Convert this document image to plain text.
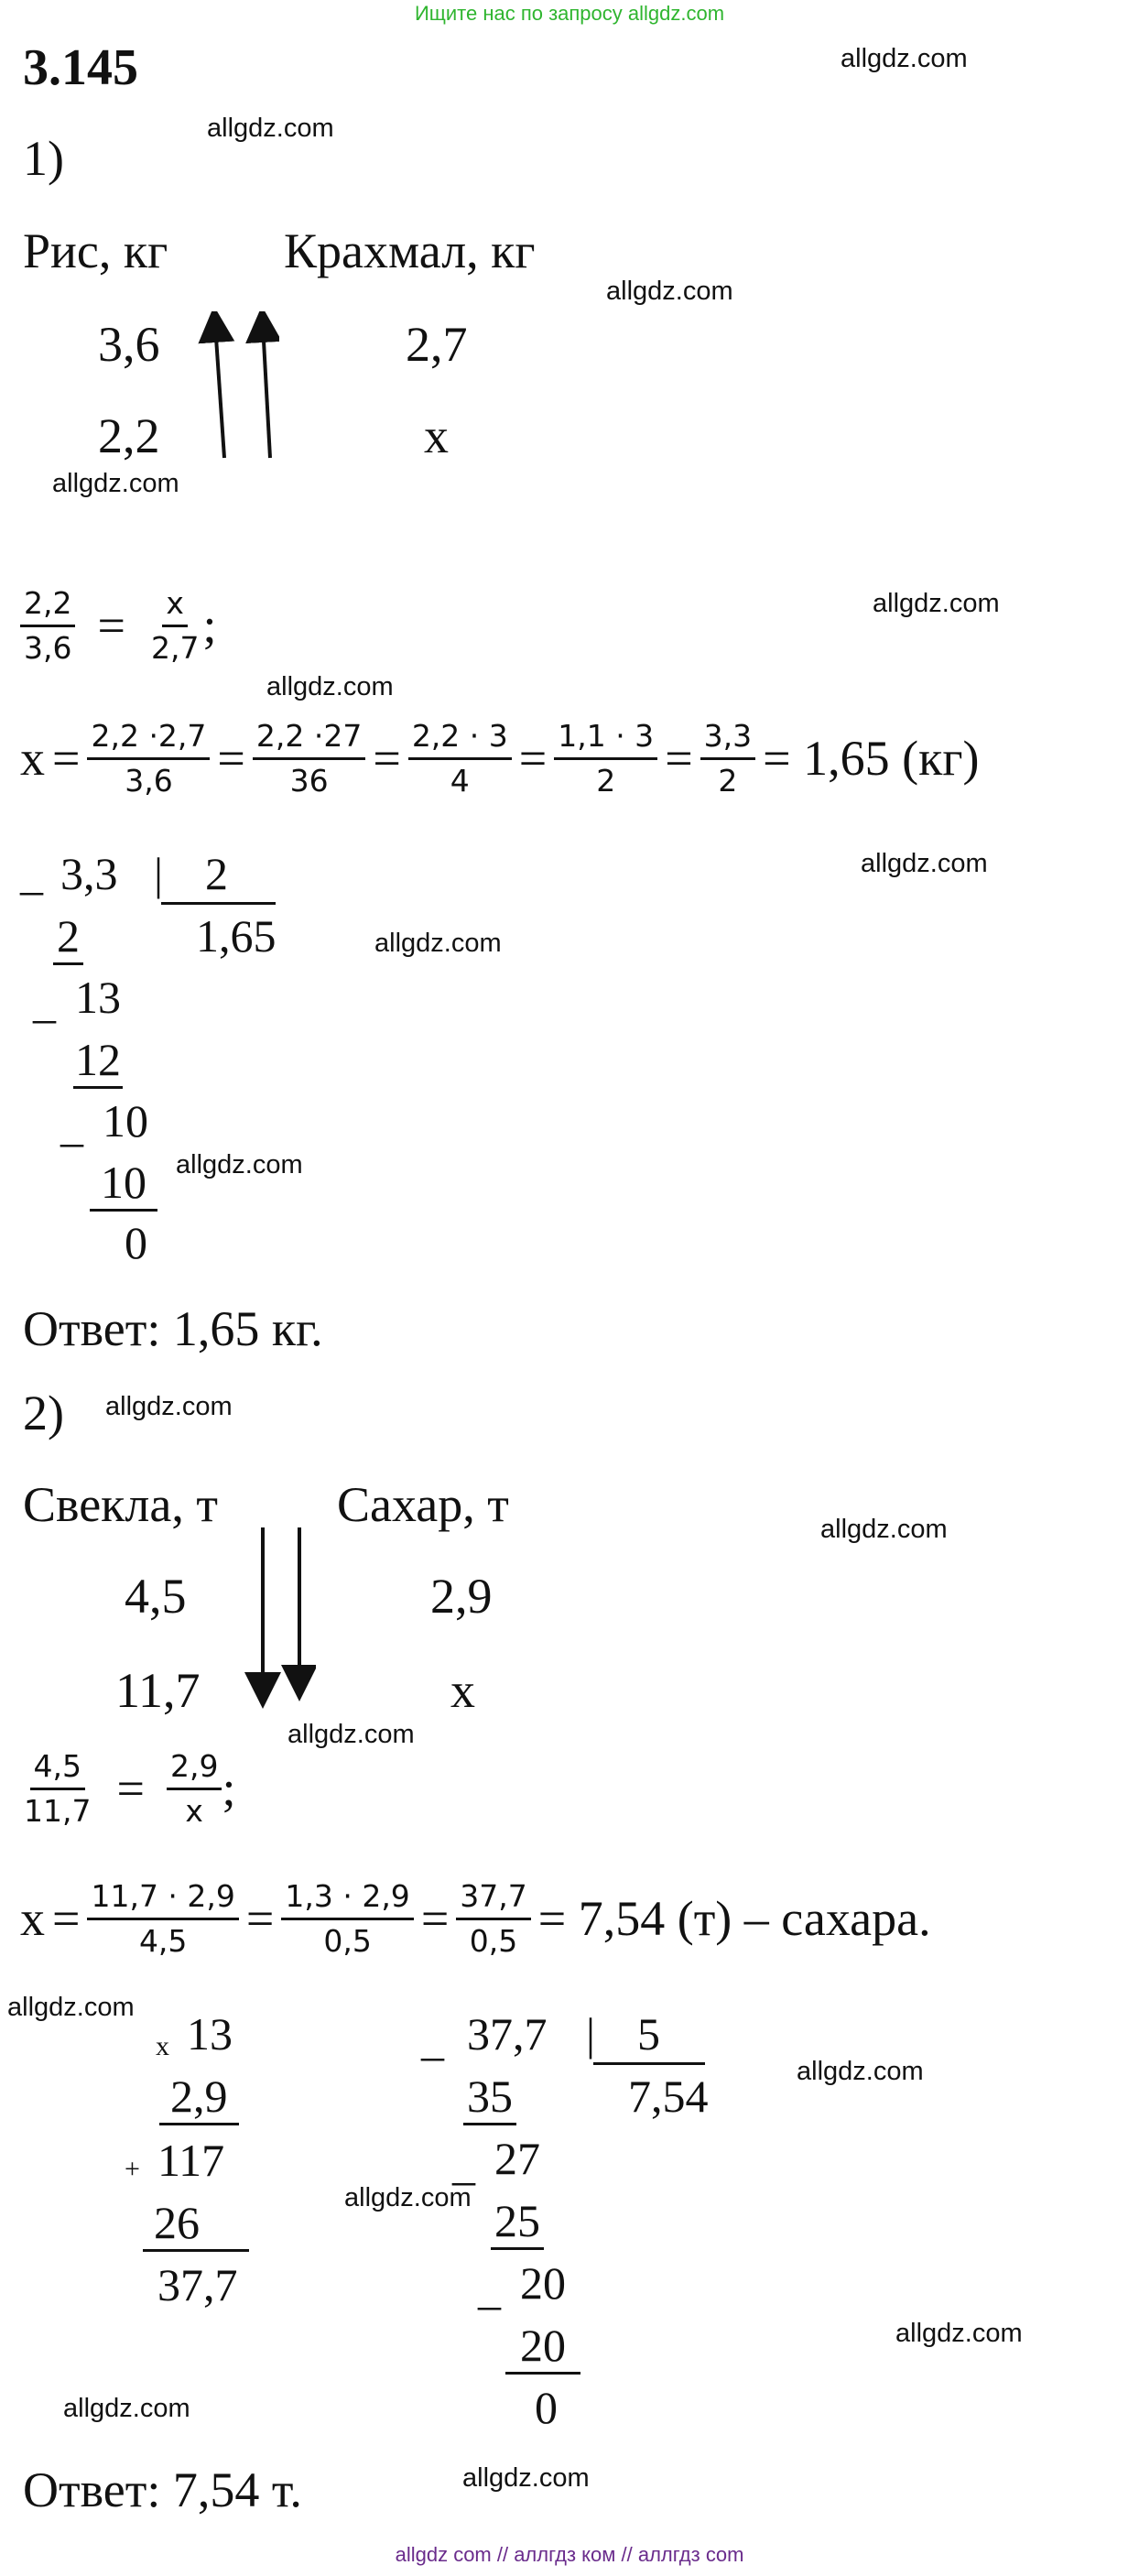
Ищите нас по запросу allgdz.com
allgdz com // аллгдз ком // аллгдз com
3.145	allgdz.com
allgdz.com
allgdz.com
allgdz.com
allgdz.com
allgdz.com
allgdz.com
allgdz.com
allgdz.com
allgdz.com
allgdz.com
allgdz.com
allgdz.com
allgdz.com
allgdz.com
allgdz.com
allgdz.com
allgdz.com
1)
Рис, кг Крахмал, кг
3,6	2,7
2,2	x
$\frac{2,2}{3,6} = \frac{x}{2,7}$ ;
$x = \frac{2,2 \cdot 2,7}{3,6} = \frac{2,2 \cdot 27}{36} = \frac{2,2 \cdot 3}{4} = \frac{1,1 \cdot 3}{2} = \frac{3,3}{2} = 1,65$ (кг)
_ 3,3 | 2
1,65
2
_ 13
12
_ 10
10
0
Ответ: 1,65 кг.
2)
Свекла, т Сахар, т
4,5	2,9
11,7	x
$\frac{4,5}{11,7} = \frac{2,9}{x}$ ;
$x = \frac{11,7 \cdot 2,9}{4,5} = \frac{1,3 \cdot 2,9}{0,5} = \frac{37,7}{0,5} = 7,54$ (т) – сахара.
x 13
2,9
+ 117
26
37,7
_ 37,7 | 5
7,54
35
_ 27
25
_ 20
20
0
Ответ: 7,54 т.
